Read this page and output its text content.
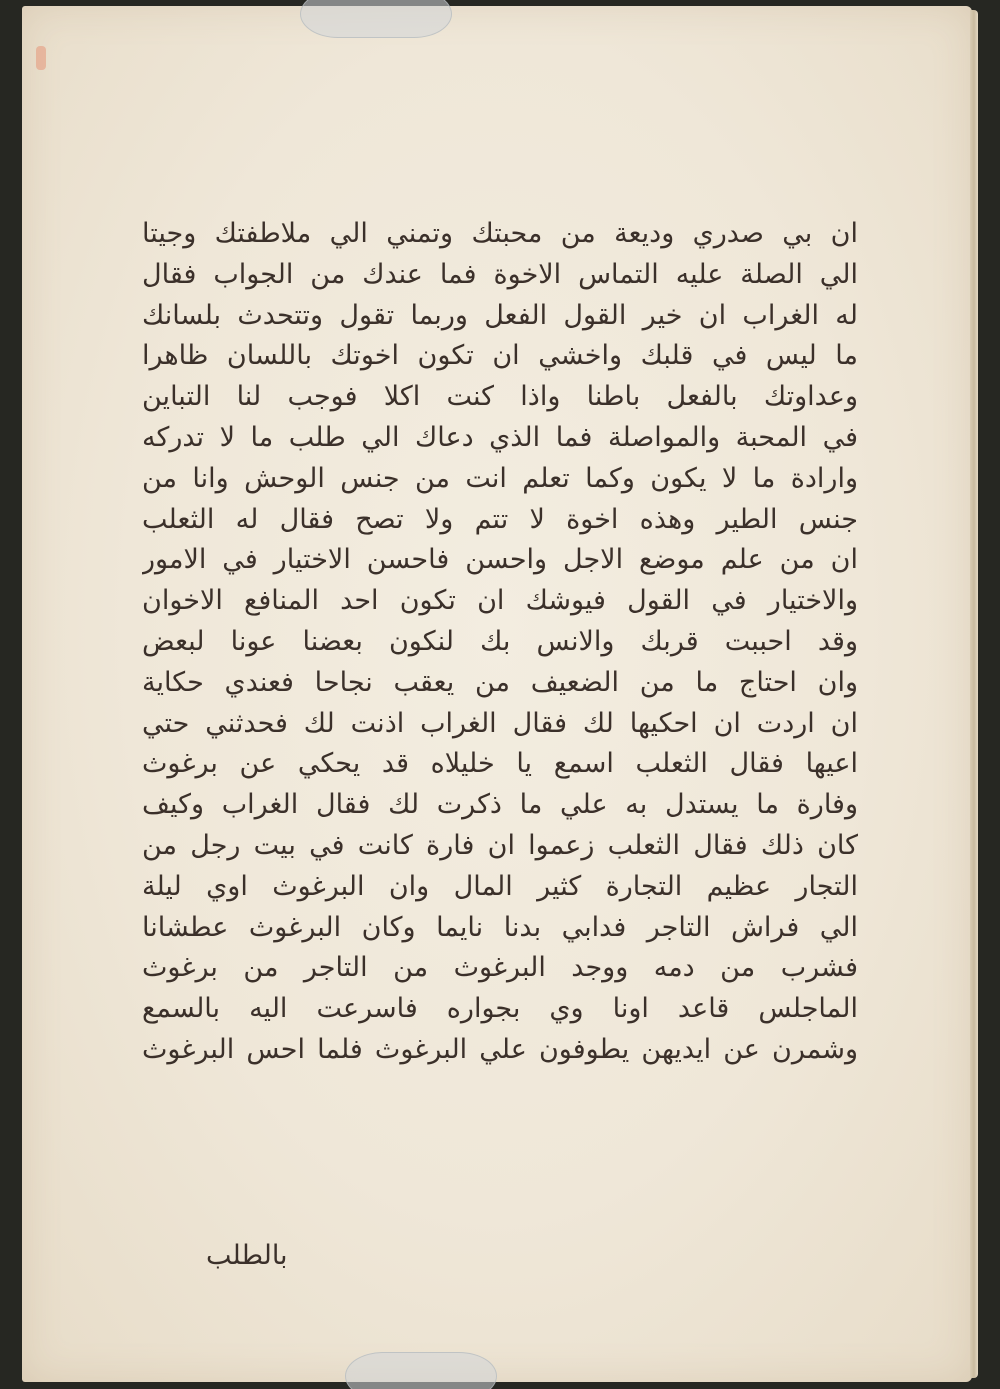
ان بي صدري وديعة من محبتك وتمني الي ملاطفتك وجيتا
الي الصلة عليه التماس الاخوة فما عندك من الجواب فقال
له الغراب ان خير القول الفعل وربما تقول وتتحدث بلسانك
ما ليس في قلبك واخشي ان تكون اخوتك باللسان ظاهرا
وعداوتك بالفعل باطنا واذا كنت اكلا فوجب لنا التباين
في المحبة والمواصلة فما الذي دعاك الي طلب ما لا تدركه
وارادة ما لا يكون وكما تعلم انت من جنس الوحش وانا من
جنس الطير وهذه اخوة لا تتم ولا تصح فقال له الثعلب
ان من علم موضع الاجل واحسن فاحسن الاختيار في الامور
والاختيار في القول فيوشك ان تكون احد المنافع الاخوان
وقد احببت قربك والانس بك لنكون بعضنا عونا لبعض
وان احتاج ما من الضعيف من يعقب نجاحا فعندي حكاية
ان اردت ان احكيها لك فقال الغراب اذنت لك فحدثني حتي
اعيها فقال الثعلب اسمع يا خليلاه قد يحكي عن برغوث
وفارة ما يستدل به علي ما ذكرت لك فقال الغراب وكيف
كان ذلك فقال الثعلب زعموا ان فارة كانت في بيت رجل من
التجار عظيم التجارة كثير المال وان البرغوث اوي ليلة
الي فراش التاجر فدابي بدنا نايما وكان البرغوث عطشانا
فشرب من دمه ووجد البرغوث من التاجر من برغوث
الماجلس قاعد اونا وي بجواره فاسرعت اليه بالسمع
وشمرن عن ايديهن يطوفون علي البرغوث فلما احس البرغوث
بالطلب
